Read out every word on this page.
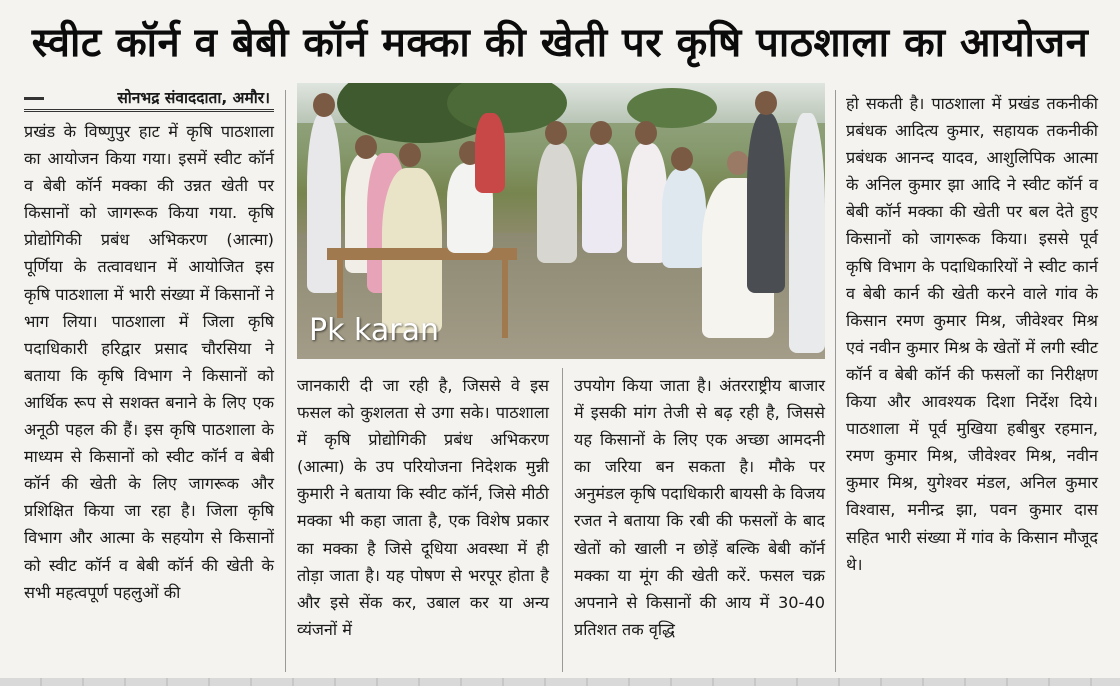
स्वीट कॉर्न व बेबी कॉर्न मक्का की खेती पर कृषि पाठशाला का आयोजन
सोनभद्र संवाददाता, अमौर।
Pk karan

प्रखंड के विष्णुपुर हाट में कृषि पाठशाला का आयोजन किया गया। इसमें स्वीट कॉर्न व बेबी कॉर्न मक्का की उन्नत खेती पर किसानों को जागरूक किया गया. कृषि प्रोद्योगिकी प्रबंध अभिकरण (आत्मा) पूर्णिया के तत्वावधान में आयोजित इस कृषि पाठशाला में भारी संख्या में किसानों ने भाग लिया। पाठशाला में जिला कृषि पदाधिकारी हरिद्वार प्रसाद चौरसिया ने बताया कि कृषि विभाग ने किसानों को आर्थिक रूप से सशक्त बनाने के लिए एक अनूठी पहल की हैं। इस कृषि पाठशाला के माध्यम से किसानों को स्वीट कॉर्न व बेबी कॉर्न की खेती के लिए जागरूक और प्रशिक्षित किया जा रहा है। जिला कृषि विभाग और आत्मा के सहयोग से किसानों को स्वीट कॉर्न व बेबी कॉर्न की खेती के सभी महत्वपूर्ण पहलुओं की

जानकारी दी जा रही है, जिससे वे इस फसल को कुशलता से उगा सके। पाठशाला में कृषि प्रोद्योगिकी प्रबंध अभिकरण (आत्मा) के उप परियोजना निदेशक मुन्नी कुमारी ने बताया कि स्वीट कॉर्न, जिसे मीठी मक्का भी कहा जाता है, एक विशेष प्रकार का मक्का है जिसे दूधिया अवस्था में ही तोड़ा जाता है। यह पोषण से भरपूर होता है और इसे सेंक कर, उबाल कर या अन्य व्यंजनों में

उपयोग किया जाता है। अंतरराष्ट्रीय बाजार में इसकी मांग तेजी से बढ़ रही है, जिससे यह किसानों के लिए एक अच्छा आमदनी का जरिया बन सकता है। मौके पर अनुमंडल कृषि पदाधिकारी बायसी के विजय रजत ने बताया कि रबी की फसलों के बाद खेतों को खाली न छोड़ें बल्कि बेबी कॉर्न मक्का या मूंग की खेती करें. फसल चक्र अपनाने से किसानों की आय में 30-40 प्रतिशत तक वृद्धि

हो सकती है। पाठशाला में प्रखंड तकनीकी प्रबंधक आदित्य कुमार, सहायक तकनीकी प्रबंधक आनन्द यादव, आशुलिपिक आत्मा के अनिल कुमार झा आदि ने स्वीट कॉर्न व बेबी कॉर्न मक्का की खेती पर बल देते हुए किसानों को जागरूक किया। इससे पूर्व कृषि विभाग के पदाधिकारियों ने स्वीट कार्न व बेबी कार्न की खेती करने वाले गांव के किसान रमण कुमार मिश्र, जीवेश्वर मिश्र एवं नवीन कुमार मिश्र के खेतों में लगी स्वीट कॉर्न व बेबी कॉर्न की फसलों का निरीक्षण किया और आवश्यक दिशा निर्देश दिये। पाठशाला में पूर्व मुखिया हबीबुर रहमान, रमण कुमार मिश्र, जीवेश्वर मिश्र, नवीन कुमार मिश्र, युगेश्वर मंडल, अनिल कुमार विश्वास, मनीन्द्र झा, पवन कुमार दास सहित भारी संख्या में गांव के किसान मौजूद थे।
